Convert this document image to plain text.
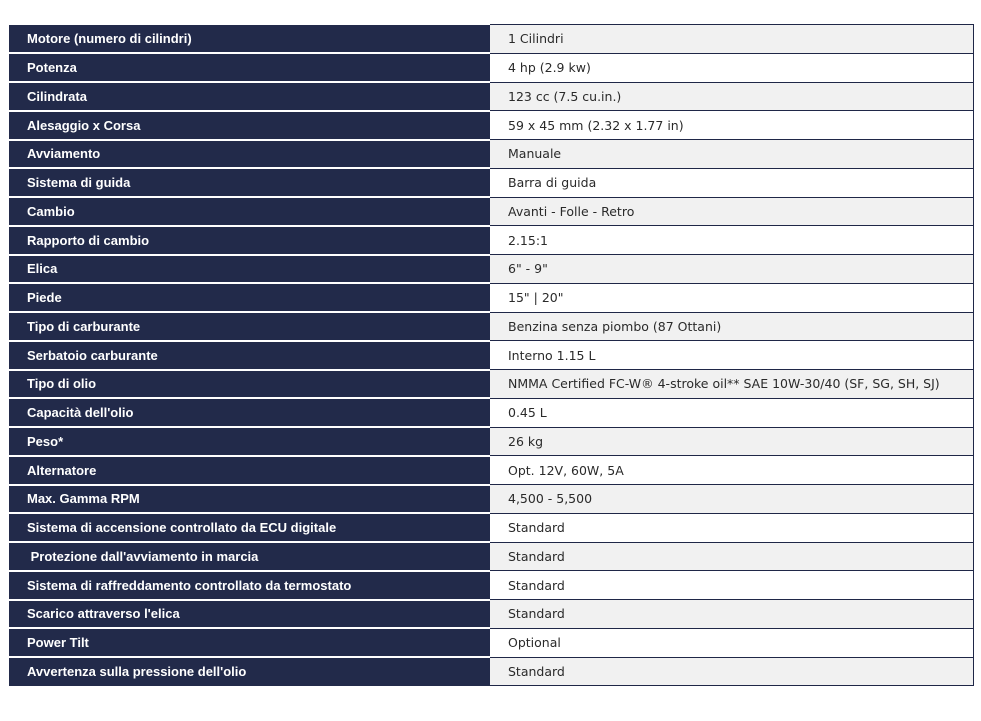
Motore (numero di cilindri)	1 Cilindri
Potenza	4 hp (2.9 kw)
Cilindrata	123 cc (7.5 cu.in.)
Alesaggio x Corsa	59 x 45 mm (2.32 x 1.77 in)
Avviamento	Manuale
Sistema di guida	Barra di guida
Cambio	Avanti - Folle - Retro
Rapporto di cambio	2.15:1
Elica	6" - 9"
Piede	15" | 20"
Tipo di carburante	Benzina senza piombo (87 Ottani)
Serbatoio carburante	Interno 1.15 L
Tipo di olio	NMMA Certified FC-W® 4-stroke oil** SAE 10W-30/40 (SF, SG, SH, SJ)
Capacità dell'olio	0.45 L
Peso*	26 kg
Alternatore	Opt. 12V, 60W, 5A
Max. Gamma RPM	4,500 - 5,500
Sistema di accensione controllato da ECU digitale	Standard
Protezione dall'avviamento in marcia	Standard
Sistema di raffreddamento controllato da termostato	Standard
Scarico attraverso l'elica	Standard
Power Tilt	Optional
Avvertenza sulla pressione dell'olio	Standard
